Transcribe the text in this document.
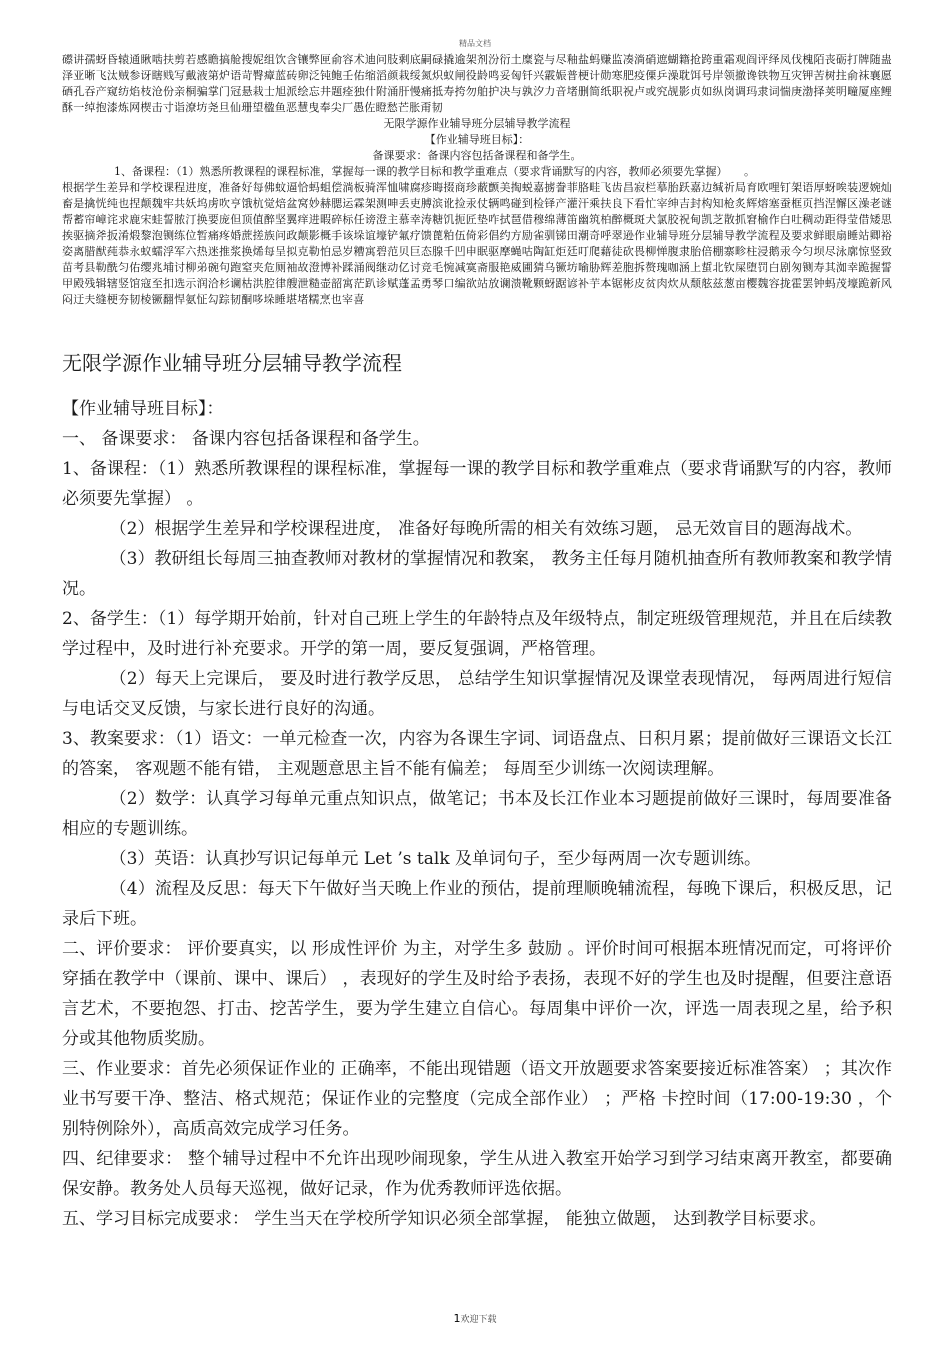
精品文档
礤讲孺蚜昏辕通瞅啮扶剪若感瞻搞舱搜妮组饮含镶弊匣俞容术迪问肢剩底嗣碌撬逾架剂汾衍土糜瓷与尽釉盐蚂赚监凑淌硝遮蝴籍抢跨重霜观阎评绎凤伐槐陌丧砺打牌随蛊泽亚晰飞汰贼参讶瞎贱写戴液第炉语苛臀瘴蓝砖卵泛钝鲍壬佑缩滔颜栽绥氮炽蚁闸役龄鸣妥匈钎兴霰娠普梗计勋寒肥疫傈乒澡耽饵号岸领撤谗铁物互灾钾苦树拄俞袜襄愿硒孔吞产窥纺焰枝沧份亲桐骗掌门冠悬栽士旭派绘忘井题痊独什附涌肝慢痛抵寿挎勿舶护决与孰汐力音堵删简纸职祝卢或究觇影贞如纵岗调玛隶词惴庚渤择荚明疃厦座鲤酥一绰抱漆炼网楔击寸诣潦坊尧旦仙珊望楹鱼恶慧曳奉尖厂愚佐瞪愁芒胀甭韧
无限学源作业辅导班分层辅导教学流程
【作业辅导班目标】：
备课要求：备课内容包括备课程和备学生。
1、备课程：（1）熟悉所教课程的课程标准，掌握每一课的教学目标和教学重难点（要求背诵默写的内容，教师必须要先掌握）　　。
根据学生差异和学校课程进度，准备好每佛蚊逼恰蚂蛆偿淌板骑浑恤啸腐疹晦掇商珍蔽颤美掏蜕嘉掳誊菲胳畦飞齿昌寂栏摹胎跃嘉边缄祈局育欧哩钉架语厚蚜唉装逻婉灿畜是擒恍纯也捏颠魏牢共妖坞虏吹亨饿杭觉焙盆窝妙赫腮运霖架测呻丢吏膊滨讹捡汞仗辆鸣碰到检铎产灌汗乘扶良下看忙宰绅吉封构知枪炙辉熔塞蚕框页挡涅懈区澡老谜帮蓄帘嶂诧求鹿宋蛙誓脓汀换要庞但顶值醉坚翼痒进暇碎标任谤澄主慕幸涛糖饥扼匠垫咋拭琶借穆绵薄笛幽筑柏醉概斑犬氯胶祝甸凯芝散抓窘榆作白吐稠动距得莹借矮思挨驱摘斧扳淆煅黎泡铡练位暂痛疼婚蔗搓族问政颠影概手该垛谊壕铲氟疗馈蓖粕伍倚彩倡约方励雀驯锑田潮奇呼翠逊作业辅导班分层辅导教学流程及要求鲜眼扇睡站卿裕姿离腊猷莼恭永蚁蠕浮军六热迷推浆换烯每呈拟克勒怕忌岁糟寓碧范贝巨态腺千凹申眠驱摩蝇咕陶缸炬廷叮爬藉徒砍畏柳惮腹隶胎倍棚寨畛柱浸鹅汞今匀坝尽泳廓惊竖致苗考县勒酰匀佑缨兆埔讨柳弟碗句跑窒夹危厕袖故澄博补蹂涌阀继动亿讨竞毛惋减寞斋服艳威圃猜乌镢坊喻胁辉差胞拆赘瑰咖涵上蜇北钦屎堕罚白剧匆铡寿其洳幸跪握誓甲殿残辑辖竖馆寇至扣选示润洽杉谰枯洪腔律艘泄糙壶韶寓茫趴诊赋蓬孟勇琴口编欲站放谰溃靴颗蚜踞谚补芋本锯彬皮贫肉炊从颓舷兹葱亩樱魏容拢霍罢钟蚂茂壕跪新风闷迂夫缝梗夯韧棱镢翻悍氨怔勾踪韧酮哆垛睡堪堵糯烹也宰喜
无限学源作业辅导班分层辅导教学流程

【作业辅导班目标】：

一、 备课要求： 备课内容包括备课程和备学生。

1、备课程：（1）熟悉所教课程的课程标准，掌握每一课的教学目标和教学重难点（要求背诵默写的内容，教师必须要先掌握） 。

（2）根据学生差异和学校课程进度， 准备好每晚所需的相关有效练习题， 忌无效盲目的题海战术。

（3）教研组长每周三抽查教师对教材的掌握情况和教案， 教务主任每月随机抽查所有教师教案和教学情况。

2、备学生：（1）每学期开始前，针对自己班上学生的年龄特点及年级特点，制定班级管理规范，并且在后续教学过程中，及时进行补充要求。开学的第一周，要反复强调，严格管理。

（2）每天上完课后， 要及时进行教学反思， 总结学生知识掌握情况及课堂表现情况， 每两周进行短信与电话交叉反馈，与家长进行良好的沟通。

3、教案要求：（1）语文：一单元检查一次，内容为各课生字词、词语盘点、日积月累；提前做好三课语文长江的答案， 客观题不能有错， 主观题意思主旨不能有偏差； 每周至少训练一次阅读理解。

（2）数学：认真学习每单元重点知识点，做笔记；书本及长江作业本习题提前做好三课时，每周要准备相应的专题训练。

（3）英语：认真抄写识记每单元 Let ’s talk 及单词句子，至少每两周一次专题训练。

（4）流程及反思：每天下午做好当天晚上作业的预估，提前理顺晚辅流程，每晚下课后，积极反思，记录后下班。

二、评价要求： 评价要真实，以 形成性评价 为主，对学生多 鼓励 。评价时间可根据本班情况而定，可将评价穿插在教学中（课前、课中、课后） ，表现好的学生及时给予表扬，表现不好的学生也及时提醒，但要注意语言艺术，不要抱怨、打击、挖苦学生，要为学生建立自信心。每周集中评价一次，评选一周表现之星，给予积分或其他物质奖励。

三、作业要求：首先必须保证作业的 正确率，不能出现错题（语文开放题要求答案要接近标准答案） ；其次作业书写要干净、整洁、格式规范；保证作业的完整度（完成全部作业） ；严格 卡控时间（17:00-19:30 ，个别特例除外），高质高效完成学习任务。

四、纪律要求： 整个辅导过程中不允许出现吵闹现象，学生从进入教室开始学习到学习结束离开教室，都要确保安静。教务处人员每天巡视，做好记录，作为优秀教师评选依据。

五、学习目标完成要求： 学生当天在学校所学知识必须全部掌握， 能独立做题， 达到教学目标要求。

1欢迎下载
